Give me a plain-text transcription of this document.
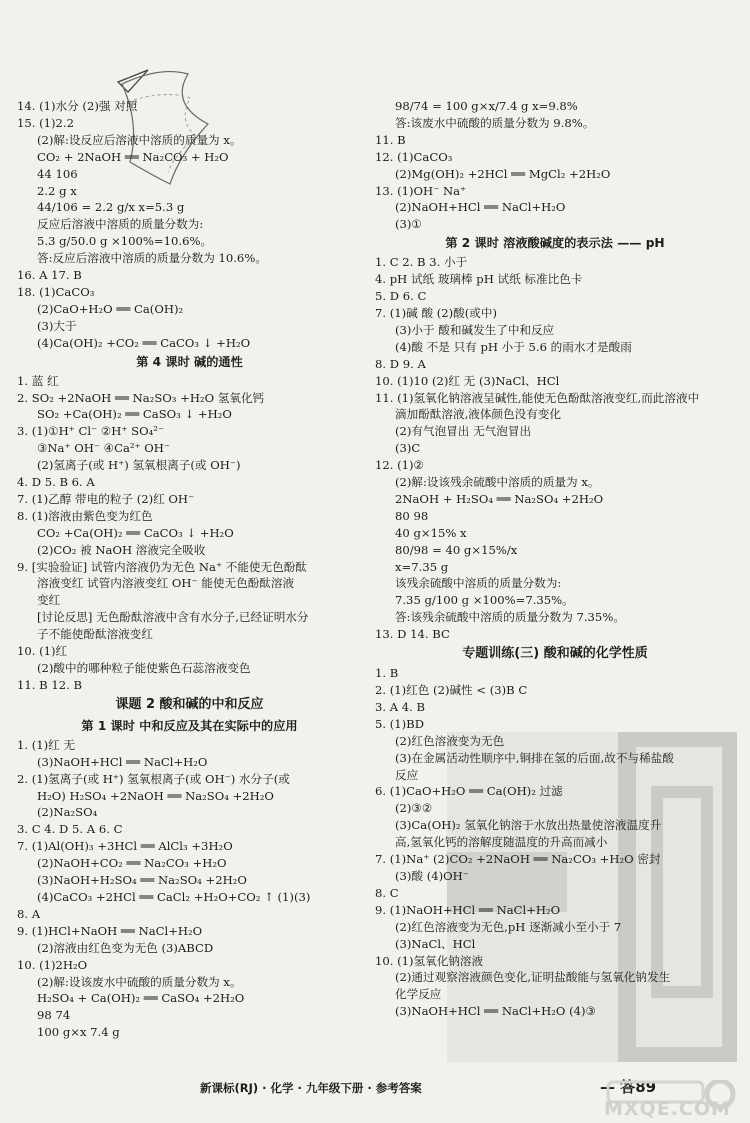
14. (1)水分 (2)强 对照
15. (1)2.2
(2)解:设反应后溶液中溶质的质量为 x。
CO₂ + 2NaOH ══ Na₂CO₃ + H₂O
44 106
2.2 g x
44/106 = 2.2 g/x x=5.3 g
反应后溶液中溶质的质量分数为:
5.3 g/50.0 g ×100%=10.6%。
答:反应后溶液中溶质的质量分数为 10.6%。
16. A 17. B
18. (1)CaCO₃
(2)CaO+H₂O ══ Ca(OH)₂
(3)大于
(4)Ca(OH)₂ +CO₂ ══ CaCO₃ ↓ +H₂O
第 4 课时 碱的通性
1. 蓝 红
2. SO₂ +2NaOH ══ Na₂SO₃ +H₂O 氢氧化钙
SO₂ +Ca(OH)₂ ══ CaSO₃ ↓ +H₂O
3. (1)①H⁺ Cl⁻ ②H⁺ SO₄²⁻
③Na⁺ OH⁻ ④Ca²⁺ OH⁻
(2)氢离子(或 H⁺) 氢氧根离子(或 OH⁻)
4. D 5. B 6. A
7. (1)乙醇 带电的粒子 (2)红 OH⁻
8. (1)溶液由紫色变为红色
CO₂ +Ca(OH)₂ ══ CaCO₃ ↓ +H₂O
(2)CO₂ 被 NaOH 溶液完全吸收
9. [实验验证] 试管内溶液仍为无色 Na⁺ 不能使无色酚酞
溶液变红 试管内溶液变红 OH⁻ 能使无色酚酞溶液
变红
[讨论反思] 无色酚酞溶液中含有水分子,已经证明水分
子不能使酚酞溶液变红
10. (1)红
(2)酸中的哪种粒子能使紫色石蕊溶液变色
11. B 12. B
课题 2 酸和碱的中和反应
第 1 课时 中和反应及其在实际中的应用
1. (1)红 无
(3)NaOH+HCl ══ NaCl+H₂O
2. (1)氢离子(或 H⁺) 氢氧根离子(或 OH⁻) 水分子(或
H₂O) H₂SO₄ +2NaOH ══ Na₂SO₄ +2H₂O
(2)Na₂SO₄
3. C 4. D 5. A 6. C
7. (1)Al(OH)₃ +3HCl ══ AlCl₃ +3H₂O
(2)NaOH+CO₂ ══ Na₂CO₃ +H₂O
(3)NaOH+H₂SO₄ ══ Na₂SO₄ +2H₂O
(4)CaCO₃ +2HCl ══ CaCl₂ +H₂O+CO₂ ↑ (1)(3)
8. A
9. (1)HCl+NaOH ══ NaCl+H₂O
(2)溶液由红色变为无色 (3)ABCD
10. (1)2H₂O
(2)解:设该废水中硫酸的质量分数为 x。
H₂SO₄ + Ca(OH)₂ ══ CaSO₄ +2H₂O
98 74
100 g×x 7.4 g
98/74 = 100 g×x/7.4 g x=9.8%
答:该废水中硫酸的质量分数为 9.8%。
11. B
12. (1)CaCO₃
(2)Mg(OH)₂ +2HCl ══ MgCl₂ +2H₂O
13. (1)OH⁻ Na⁺
(2)NaOH+HCl ══ NaCl+H₂O
(3)①
第 2 课时 溶液酸碱度的表示法 —— pH
1. C 2. B 3. 小于
4. pH 试纸 玻璃棒 pH 试纸 标准比色卡
5. D 6. C
7. (1)碱 酸 (2)酸(或中)
(3)小于 酸和碱发生了中和反应
(4)酸 不是 只有 pH 小于 5.6 的雨水才是酸雨
8. D 9. A
10. (1)10 (2)红 无 (3)NaCl、HCl
11. (1)氢氧化钠溶液呈碱性,能使无色酚酞溶液变红,而此溶液中
滴加酚酞溶液,液体颜色没有变化
(2)有气泡冒出 无气泡冒出
(3)C
12. (1)②
(2)解:设该残余硫酸中溶质的质量为 x。
2NaOH + H₂SO₄ ══ Na₂SO₄ +2H₂O
80 98
40 g×15% x
80/98 = 40 g×15%/x
x=7.35 g
该残余硫酸中溶质的质量分数为:
7.35 g/100 g ×100%=7.35%。
答:该残余硫酸中溶质的质量分数为 7.35%。
13. D 14. BC
专题训练(三) 酸和碱的化学性质
1. B
2. (1)红色 (2)碱性 < (3)B C
3. A 4. B
5. (1)BD
(2)红色溶液变为无色
(3)在金属活动性顺序中,铜排在氢的后面,故不与稀盐酸
反应
6. (1)CaO+H₂O ══ Ca(OH)₂ 过滤
(2)③②
(3)Ca(OH)₂ 氢氧化钠溶于水放出热量使溶液温度升
高,氢氧化钙的溶解度随温度的升高而减小
7. (1)Na⁺ (2)CO₂ +2NaOH ══ Na₂CO₃ +H₂O 密封
(3)酸 (4)OH⁻
8. C
9. (1)NaOH+HCl ══ NaCl+H₂O
(2)红色溶液变为无色,pH 逐渐减小至小于 7
(3)NaCl、HCl
10. (1)氢氧化钠溶液
(2)通过观察溶液颜色变化,证明盐酸能与氢氧化钠发生
化学反应
(3)NaOH+HCl ══ NaCl+H₂O (4)③
新课标(RJ) · 化学 · 九年级下册 · 参考答案	— 答89
MXQE.COM
